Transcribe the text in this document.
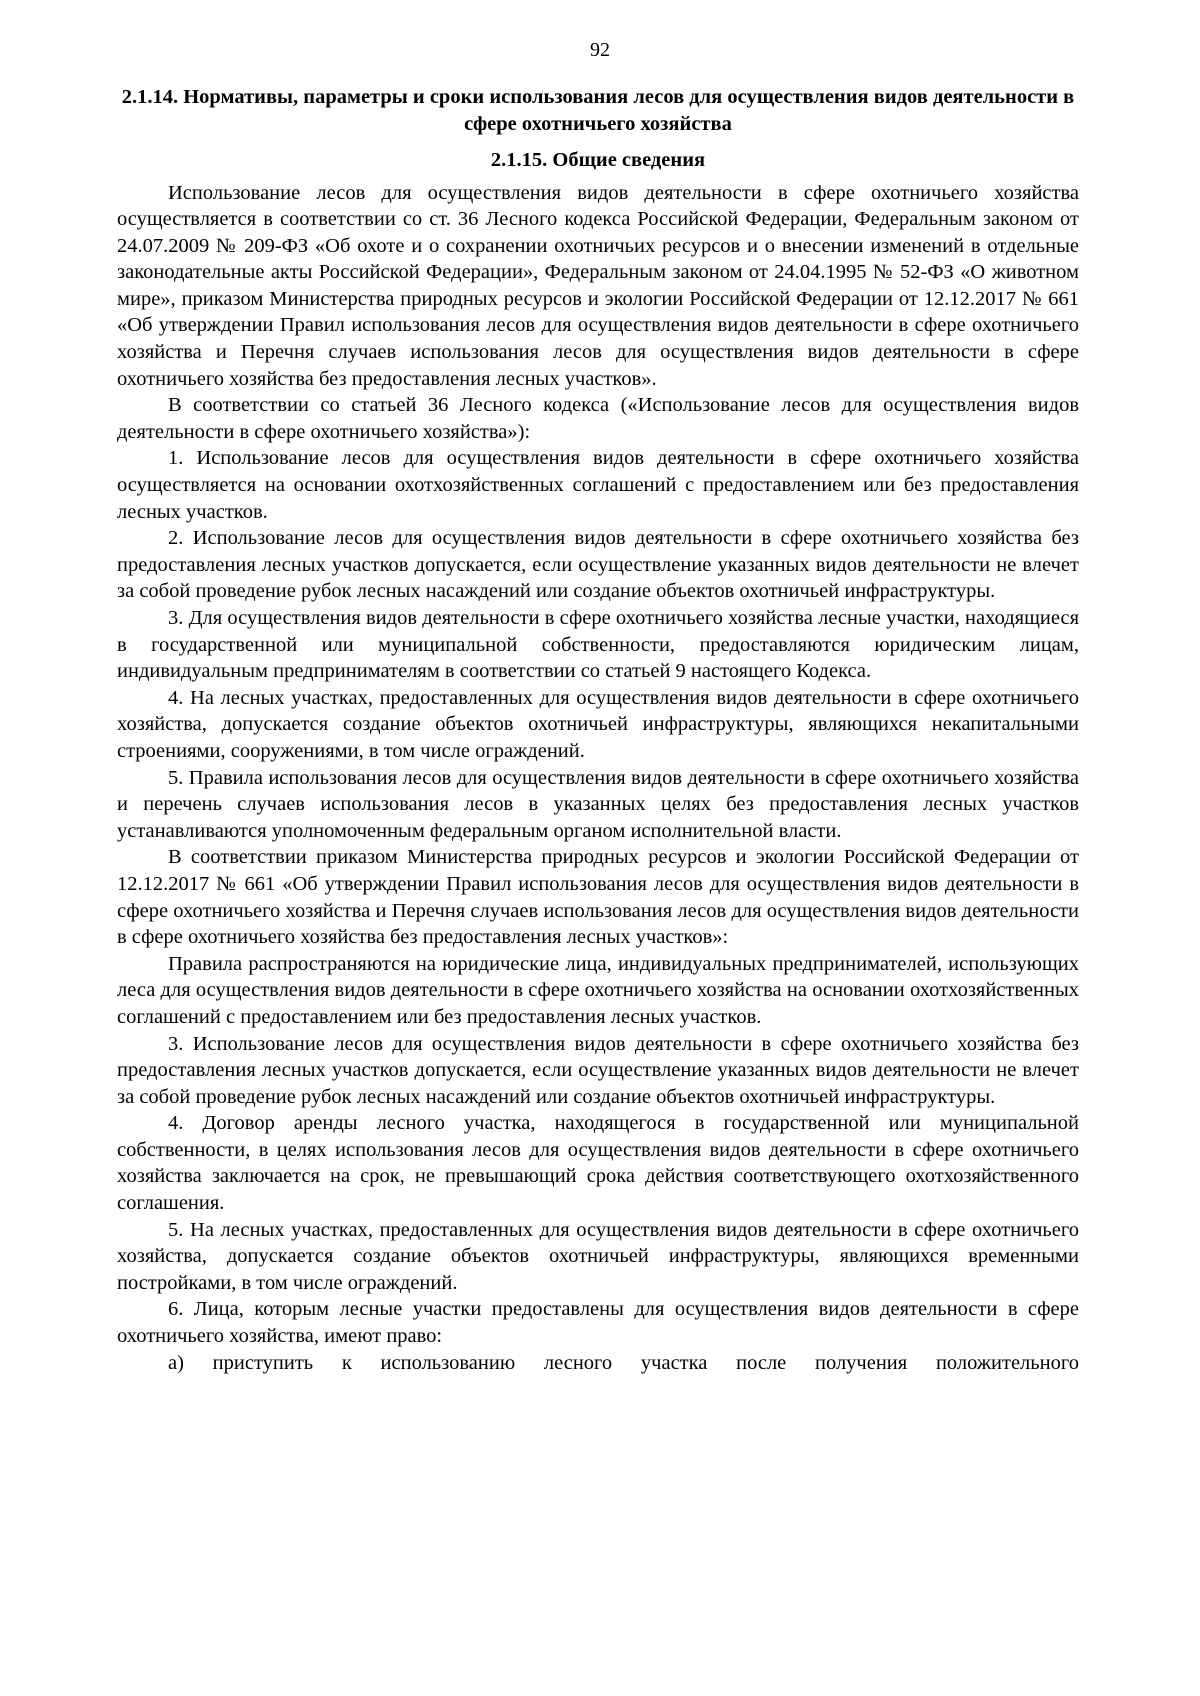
92
2.1.14. Нормативы, параметры и сроки использования лесов для осуществления видов деятельности в сфере охотничьего хозяйства
2.1.15. Общие сведения

Использование лесов для осуществления видов деятельности в сфере охотничьего хозяйства осуществляется в соответствии со ст. 36 Лесного кодекса Российской Федерации, Федеральным законом от 24.07.2009 № 209-ФЗ «Об охоте и о сохранении охотничьих ресурсов и о внесении изменений в отдельные законодательные акты Российской Федерации», Федеральным законом от 24.04.1995 № 52-ФЗ «О животном мире», приказом Министерства природных ресурсов и экологии Российской Федерации от 12.12.2017 № 661 «Об утверждении Правил использования лесов для осуществления видов деятельности в сфере охотничьего хозяйства и Перечня случаев использования лесов для осуществления видов деятельности в сфере охотничьего хозяйства без предоставления лесных участков».

В соответствии со статьей 36 Лесного кодекса («Использование лесов для осуществления видов деятельности в сфере охотничьего хозяйства»):

1. Использование лесов для осуществления видов деятельности в сфере охотничьего хозяйства осуществляется на основании охотхозяйственных соглашений с предоставлением или без предоставления лесных участков.

2. Использование лесов для осуществления видов деятельности в сфере охотничьего хозяйства без предоставления лесных участков допускается, если осуществление указанных видов деятельности не влечет за собой проведение рубок лесных насаждений или создание объектов охотничьей инфраструктуры.

3. Для осуществления видов деятельности в сфере охотничьего хозяйства лесные участки, находящиеся в государственной или муниципальной собственности, предоставляются юридическим лицам, индивидуальным предпринимателям в соответствии со статьей 9 настоящего Кодекса.

4. На лесных участках, предоставленных для осуществления видов деятельности в сфере охотничьего хозяйства, допускается создание объектов охотничьей инфраструктуры, являющихся некапитальными строениями, сооружениями, в том числе ограждений.

5. Правила использования лесов для осуществления видов деятельности в сфере охотничьего хозяйства и перечень случаев использования лесов в указанных целях без предоставления лесных участков устанавливаются уполномоченным федеральным органом исполнительной власти.

В соответствии приказом Министерства природных ресурсов и экологии Российской Федерации от 12.12.2017 № 661 «Об утверждении Правил использования лесов для осуществления видов деятельности в сфере охотничьего хозяйства и Перечня случаев использования лесов для осуществления видов деятельности в сфере охотничьего хозяйства без предоставления лесных участков»:

Правила распространяются на юридические лица, индивидуальных предпринимателей, использующих леса для осуществления видов деятельности в сфере охотничьего хозяйства на основании охотхозяйственных соглашений с предоставлением или без предоставления лесных участков.

3. Использование лесов для осуществления видов деятельности в сфере охотничьего хозяйства без предоставления лесных участков допускается, если осуществление указанных видов деятельности не влечет за собой проведение рубок лесных насаждений или создание объектов охотничьей инфраструктуры.

4. Договор аренды лесного участка, находящегося в государственной или муниципальной собственности, в целях использования лесов для осуществления видов деятельности в сфере охотничьего хозяйства заключается на срок, не превышающий срока действия соответствующего охотхозяйственного соглашения.

5. На лесных участках, предоставленных для осуществления видов деятельности в сфере охотничьего хозяйства, допускается создание объектов охотничьей инфраструктуры, являющихся временными постройками, в том числе ограждений.

6. Лица, которым лесные участки предоставлены для осуществления видов деятельности в сфере охотничьего хозяйства, имеют право:

а) приступить к использованию лесного участка после получения положительного
